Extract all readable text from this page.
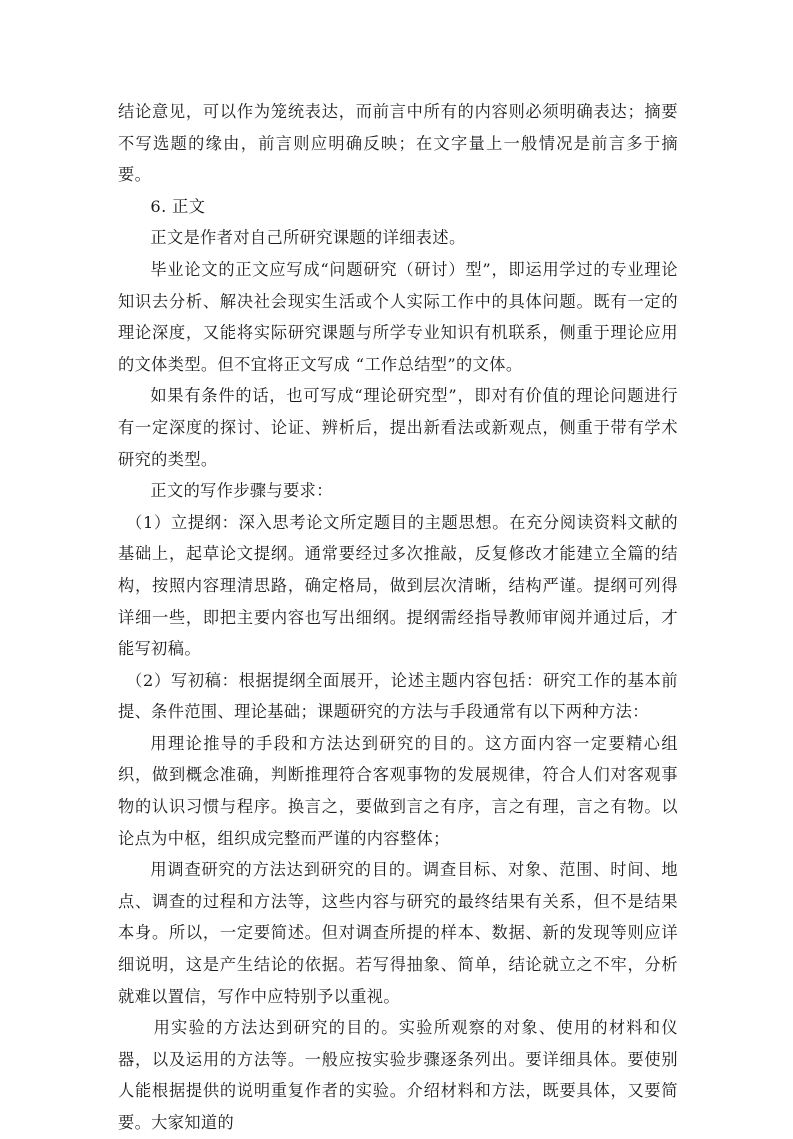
结论意见，可以作为笼统表达，而前言中所有的内容则必须明确表达；摘要不写选题的缘由，前言则应明确反映；在文字量上一般情况是前言多于摘要。

6. 正文

正文是作者对自己所研究课题的详细表述。

毕业论文的正文应写成“问题研究（研讨）型”，即运用学过的专业理论知识去分析、解决社会现实生活或个人实际工作中的具体问题。既有一定的理论深度，又能将实际研究课题与所学专业知识有机联系，侧重于理论应用的文体类型。但不宜将正文写成 “工作总结型”的文体。

如果有条件的话，也可写成“理论研究型”，即对有价值的理论问题进行有一定深度的探讨、论证、辨析后，提出新看法或新观点，侧重于带有学术研究的类型。

正文的写作步骤与要求：

（1）立提纲：深入思考论文所定题目的主题思想。在充分阅读资料文献的基础上，起草论文提纲。通常要经过多次推敲，反复修改才能建立全篇的结构，按照内容理清思路，确定格局，做到层次清晰，结构严谨。提纲可列得详细一些，即把主要内容也写出细纲。提纲需经指导教师审阅并通过后，才能写初稿。

（2）写初稿：根据提纲全面展开，论述主题内容包括：研究工作的基本前提、条件范围、理论基础；课题研究的方法与手段通常有以下两种方法：

用理论推导的手段和方法达到研究的目的。这方面内容一定要精心组织，做到概念准确，判断推理符合客观事物的发展规律，符合人们对客观事物的认识习惯与程序。换言之，要做到言之有序，言之有理，言之有物。以论点为中枢，组织成完整而严谨的内容整体；

用调查研究的方法达到研究的目的。调查目标、对象、范围、时间、地点、调查的过程和方法等，这些内容与研究的最终结果有关系，但不是结果本身。所以，一定要简述。但对调查所提的样本、数据、新的发现等则应详细说明，这是产生结论的依据。若写得抽象、简单，结论就立之不牢，分析就难以置信，写作中应特别予以重视。

用实验的方法达到研究的目的。实验所观察的对象、使用的材料和仪器，以及运用的方法等。一般应按实验步骤逐条列出。要详细具体。要使别人能根据提供的说明重复作者的实验。介绍材料和方法，既要具体，又要简要。大家知道的
